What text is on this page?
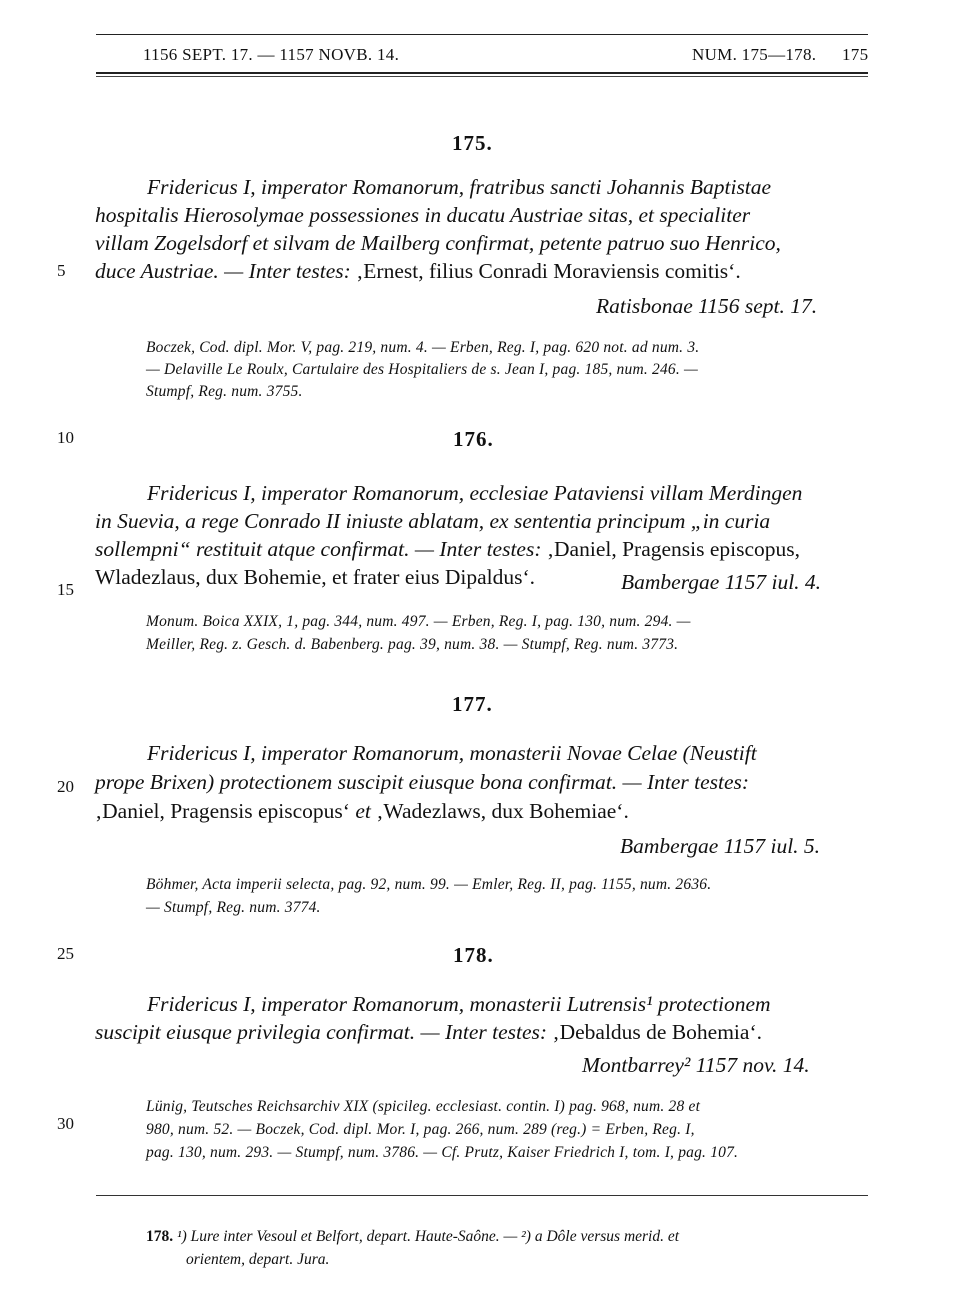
1156 SEPT. 17. — 1157 NOVB. 14.	NUM. 175—178. 175
5
10
15
20
25
30
175.
Fridericus I, imperator Romanorum, fratribus sancti Johannis Baptistae
hospitalis Hierosolymae possessiones in ducatu Austriae sitas, et specialiter
villam Zogelsdorf et silvam de Mailberg confirmat, petente patruo suo Henrico,
duce Austriae. — Inter testes: ‚Ernest, filius Conradi Moraviensis comitis‘.
Ratisbonae 1156 sept. 17.
Boczek, Cod. dipl. Mor. V, pag. 219, num. 4. — Erben, Reg. I, pag. 620 not. ad num. 3.
— Delaville Le Roulx, Cartulaire des Hospitaliers de s. Jean I, pag. 185, num. 246. —
Stumpf, Reg. num. 3755.
176.
Fridericus I, imperator Romanorum, ecclesiae Pataviensi villam Merdingen
in Suevia, a rege Conrado II iniuste ablatam, ex sententia principum „in curia
sollempni“ restituit atque confirmat. — Inter testes: ‚Daniel, Pragensis episcopus,
Wladezlaus, dux Bohemie, et frater eius Dipaldus‘.	Bambergae 1157 iul. 4.
Monum. Boica XXIX, 1, pag. 344, num. 497. — Erben, Reg. I, pag. 130, num. 294. —
Meiller, Reg. z. Gesch. d. Babenberg. pag. 39, num. 38. — Stumpf, Reg. num. 3773.
177.
Fridericus I, imperator Romanorum, monasterii Novae Celae (Neustift
prope Brixen) protectionem suscipit eiusque bona confirmat. — Inter testes:
‚Daniel, Pragensis episcopus‘ et ‚Wadezlaws, dux Bohemiae‘.
Bambergae 1157 iul. 5.
Böhmer, Acta imperii selecta, pag. 92, num. 99. — Emler, Reg. II, pag. 1155, num. 2636.
— Stumpf, Reg. num. 3774.
178.
Fridericus I, imperator Romanorum, monasterii Lutrensis¹ protectionem
suscipit eiusque privilegia confirmat. — Inter testes: ‚Debaldus de Bohemia‘.
Montbarrey² 1157 nov. 14.
Lünig, Teutsches Reichsarchiv XIX (spicileg. ecclesiast. contin. I) pag. 968, num. 28 et
980, num. 52. — Boczek, Cod. dipl. Mor. I, pag. 266, num. 289 (reg.) = Erben, Reg. I,
pag. 130, num. 293. — Stumpf, num. 3786. — Cf. Prutz, Kaiser Friedrich I, tom. I, pag. 107.
178. ¹) Lure inter Vesoul et Belfort, depart. Haute-Saône. — ²) a Dôle versus merid. et
orientem, depart. Jura.
